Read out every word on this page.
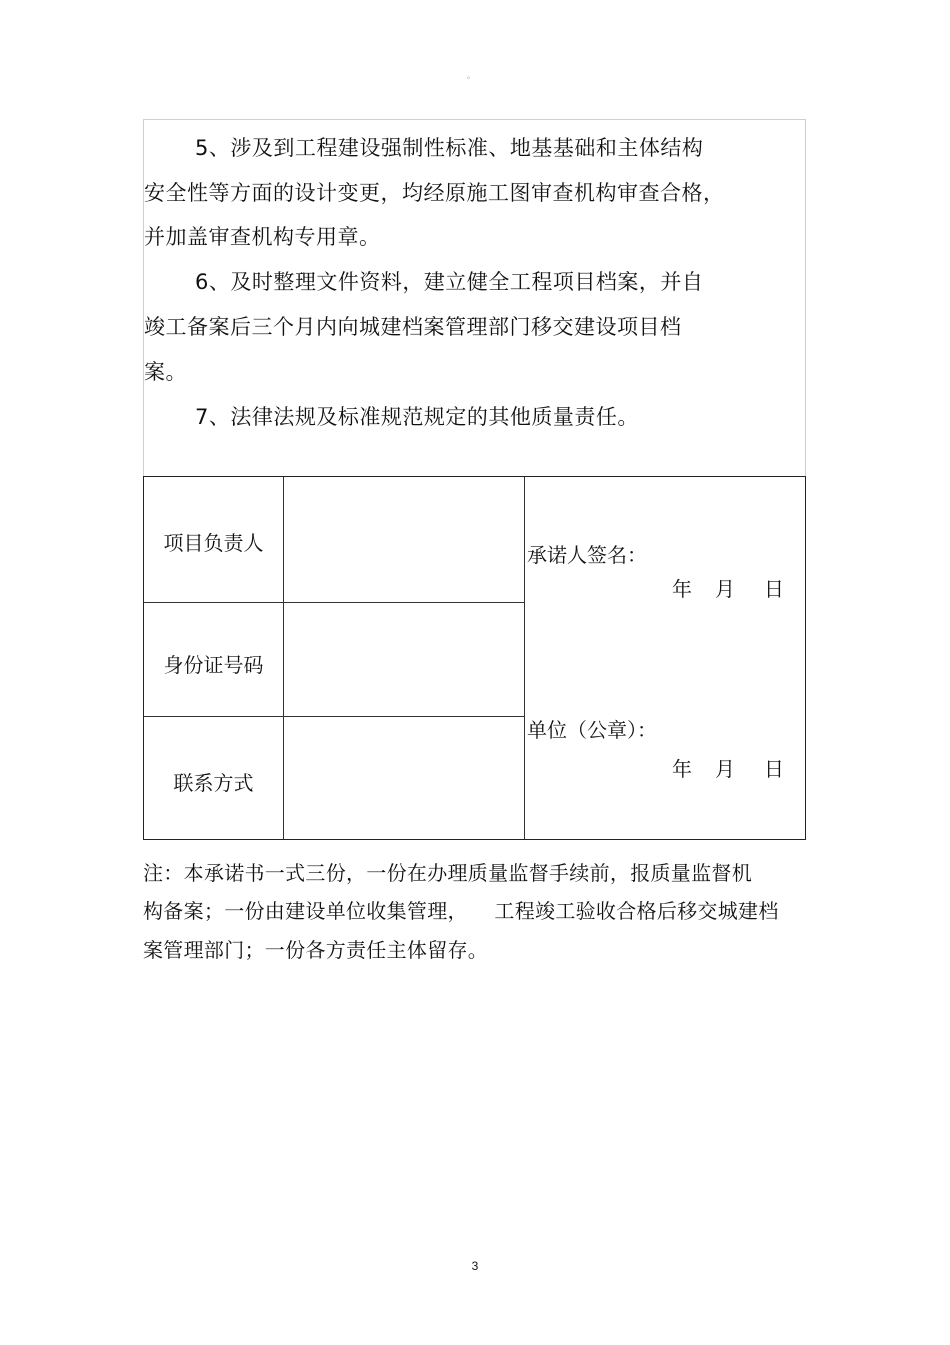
。
5、涉及到工程建设强制性标准、地基基础和主体结构
安全性等方面的设计变更，均经原施工图审查机构审查合格，
并加盖审查机构专用章。
6、及时整理文件资料，建立健全工程项目档案，并自
竣工备案后三个月内向城建档案管理部门移交建设项目档
案。
7、法律法规及标准规范规定的其他质量责任。
项目负责人
身份证号码
联系方式
承诺人签名：
年 月 日
单位（公章）：
年 月 日
注：本承诺书一式三份，一份在办理质量监督手续前，报质量监督机
构备案；一份由建设单位收集管理，    工程竣工验收合格后移交城建档
案管理部门；一份各方责任主体留存。
3
